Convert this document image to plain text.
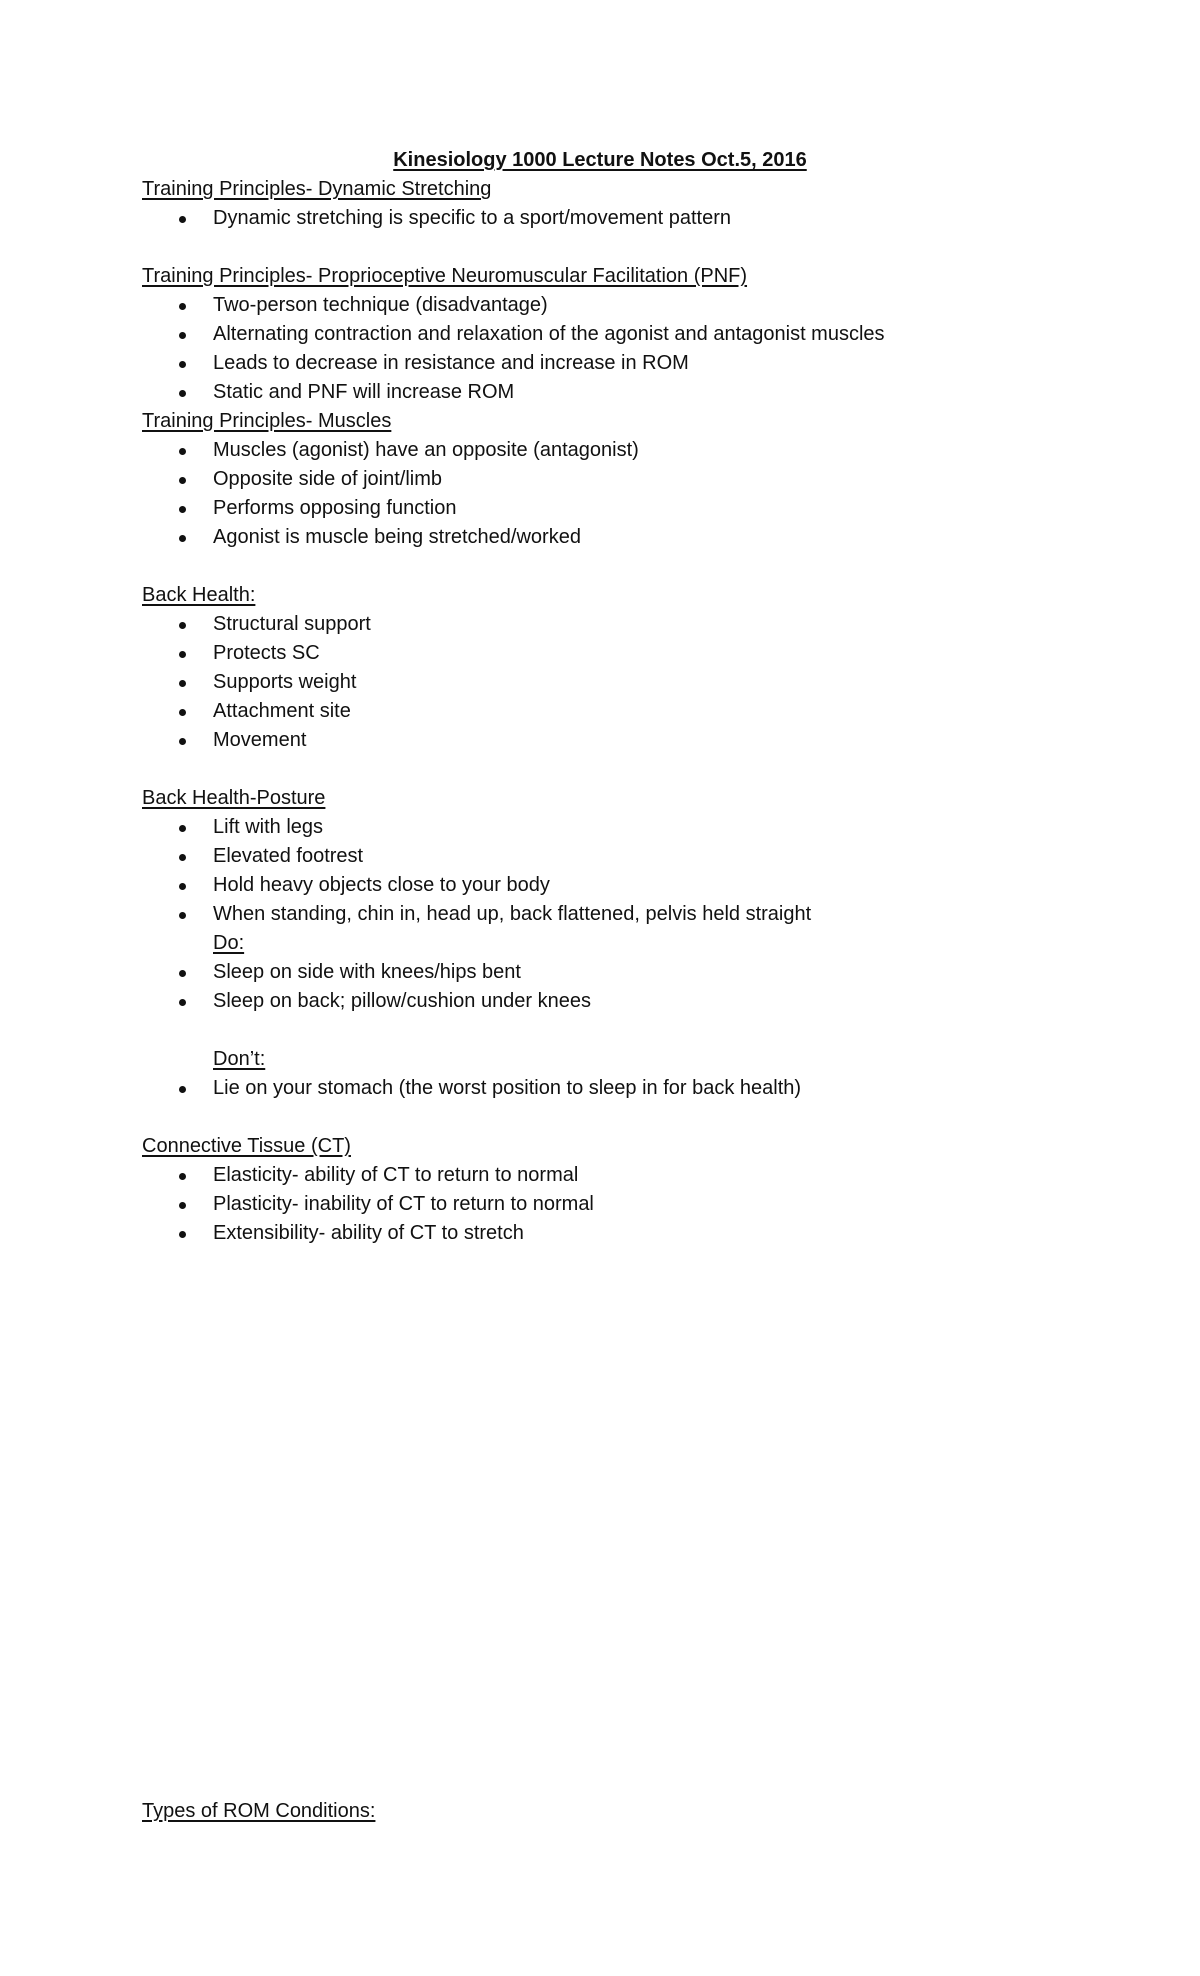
Kinesiology 1000 Lecture Notes Oct.5, 2016
Training Principles- Dynamic Stretching
Dynamic stretching is specific to a sport/movement pattern
Training Principles- Proprioceptive Neuromuscular Facilitation (PNF)
Two-person technique (disadvantage)
Alternating contraction and relaxation of the agonist and antagonist muscles
Leads to decrease in resistance and increase in ROM
Static and PNF will increase ROM
Training Principles- Muscles
Muscles (agonist) have an opposite (antagonist)
Opposite side of joint/limb
Performs opposing function
Agonist is muscle being stretched/worked
Back Health:
Structural support
Protects SC
Supports weight
Attachment site
Movement
Back Health-Posture
Lift with legs
Elevated footrest
Hold heavy objects close to your body
When standing, chin in, head up, back flattened, pelvis held straight
Do:
Sleep on side with knees/hips bent
Sleep on back; pillow/cushion under knees
Don’t:
Lie on your stomach (the worst position to sleep in for back health)
Connective Tissue (CT)
Elasticity- ability of CT to return to normal
Plasticity- inability of CT to return to normal
Extensibility- ability of CT to stretch
Types of ROM Conditions:
